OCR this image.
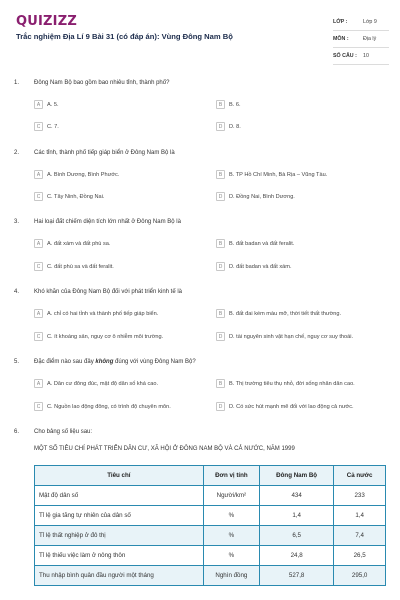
QUIZIZZ
Trắc nghiệm Địa Lí 9 Bài 31 (có đáp án): Vùng Đông Nam Bộ
LỚP :	Lớp 9
MÔN :	Địa lý
SỐ CÂU :	10
1. Đông Nam Bộ bao gồm bao nhiêu tỉnh, thành phố?
A	A. 5.	B	B. 6.
C	C. 7.	D	D. 8.
2. Các tỉnh, thành phố tiếp giáp biển ở Đông Nam Bộ là
A	A. Bình Dương, Bình Phước.	B	B. TP Hồ Chí Minh, Bà Rịa – Vũng Tàu.
C	C. Tây Ninh, Đồng Nai.	D	D. Đồng Nai, Bình Dương.
3. Hai loại đất chiếm diện tích lớn nhất ở Đông Nam Bộ là
A	A. đất xám và đất phù sa.	B	B. đất badan và đất feralit.
C	C. đất phù sa và đất feralit.	D	D. đất badan và đất xám.
4. Khó khăn của Đông Nam Bộ đối với phát triển kinh tế là
A	A. chỉ có hai tỉnh và thành phố tiếp giáp biển.	B	B. đất đai kém màu mỡ, thời tiết thất thường.
C	C. ít khoáng sản, nguy cơ ô nhiễm môi trường.	D	D. tài nguyên sinh vật hạn chế, nguy cơ suy thoái.
5. Đặc điểm nào sau đây không đúng với vùng Đông Nam Bộ?
A	A. Dân cư đông đúc, mật độ dân số khá cao.	B	B. Thị trường tiêu thụ nhỏ, đời sống nhân dân cao.
C	C. Nguồn lao động đông, có trình độ chuyên môn.	D	D. Có sức hút mạnh mẽ đối với lao động cả nước.
6. Cho bảng số liệu sau:
MỘT SỐ TIÊU CHÍ PHÁT TRIỂN DÂN CƯ, XÃ HỘI Ở ĐÔNG NAM BỘ VÀ CẢ NƯỚC, NĂM 1999
Tiêu chí	Đơn vị tính	Đông Nam Bộ	Cả nước
Mật độ dân số	Người/km²	434	233
Tỉ lệ gia tăng tự nhiên của dân số	%	1,4	1,4
Tỉ lệ thất nghiệp ở đô thị	%	6,5	7,4
Tỉ lệ thiếu việc làm ở nông thôn	%	24,8	26,5
Thu nhập bình quân đầu người một tháng	Nghìn đồng	527,8	295,0
